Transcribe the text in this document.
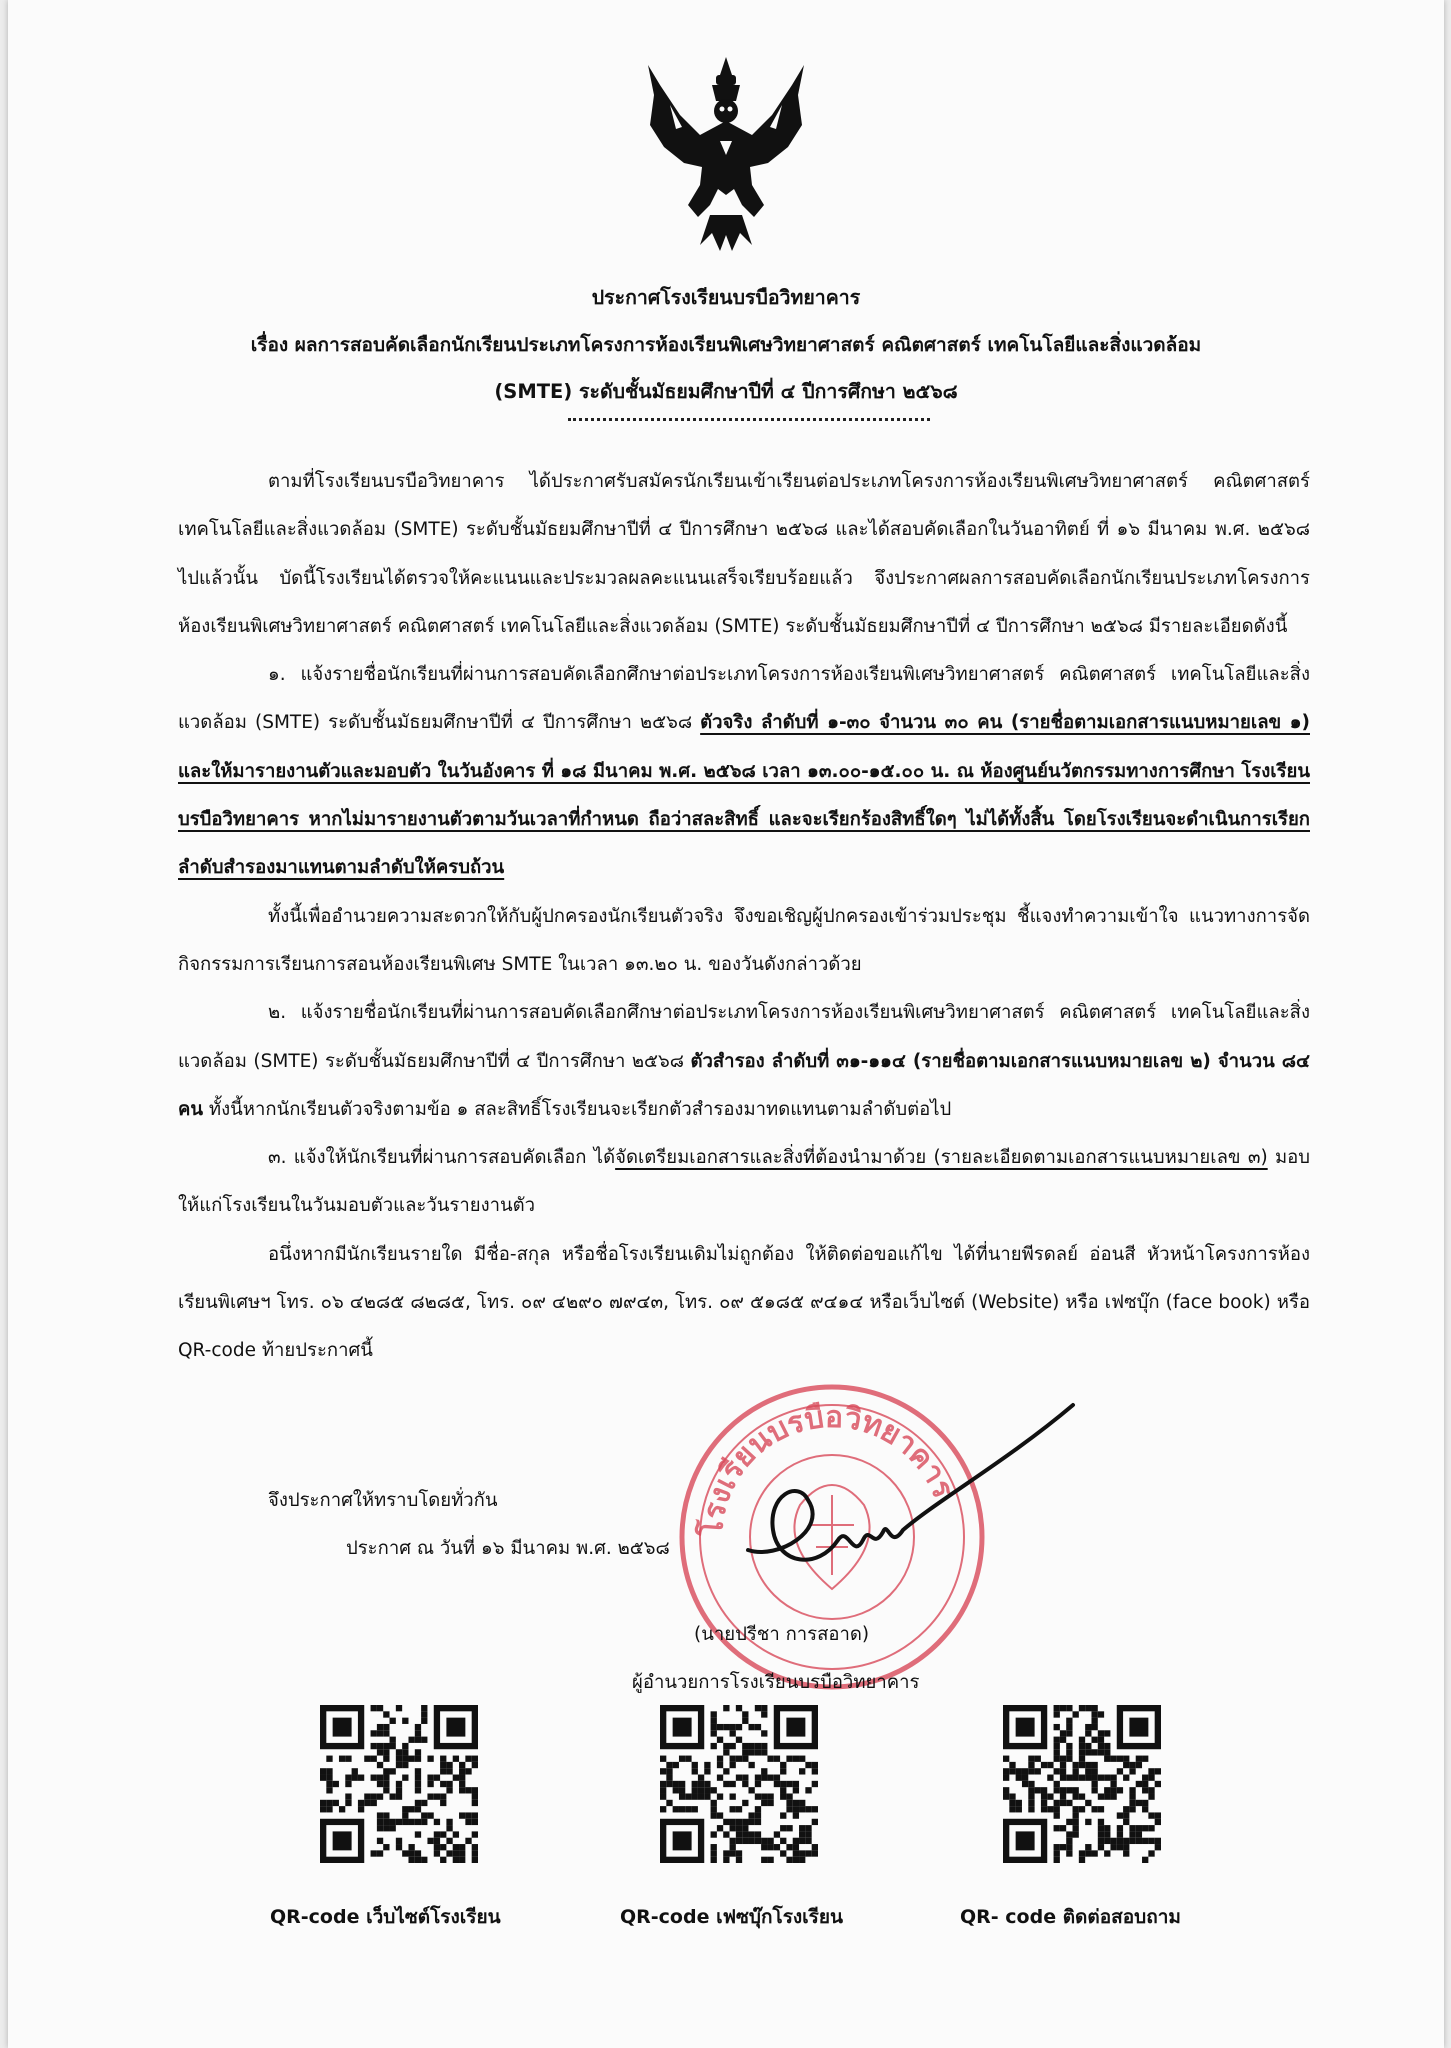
ประกาศโรงเรียนบรบือวิทยาคาร
เรื่อง ผลการสอบคัดเลือกนักเรียนประเภทโครงการห้องเรียนพิเศษวิทยาศาสตร์ คณิตศาสตร์ เทคโนโลยีและสิ่งแวดล้อม
(SMTE) ระดับชั้นมัธยมศึกษาปีที่ ๔ ปีการศึกษา ๒๕๖๘

ตามที่โรงเรียนบรบือวิทยาคาร ได้ประกาศรับสมัครนักเรียนเข้าเรียนต่อประเภทโครงการห้องเรียนพิเศษวิทยาศาสตร์ คณิตศาสตร์ เทคโนโลยีและสิ่งแวดล้อม (SMTE) ระดับชั้นมัธยมศึกษาปีที่ ๔ ปีการศึกษา ๒๕๖๘ และได้สอบคัดเลือกในวันอาทิตย์ ที่ ๑๖ มีนาคม พ.ศ. ๒๕๖๘ ไปแล้วนั้น บัดนี้โรงเรียนได้ตรวจให้คะแนนและประมวลผลคะแนนเสร็จเรียบร้อยแล้ว จึงประกาศผลการสอบคัดเลือกนักเรียนประเภทโครงการห้องเรียนพิเศษวิทยาศาสตร์ คณิตศาสตร์ เทคโนโลยีและสิ่งแวดล้อม (SMTE) ระดับชั้นมัธยมศึกษาปีที่ ๔ ปีการศึกษา ๒๕๖๘ มีรายละเอียดดังนี้

๑. แจ้งรายชื่อนักเรียนที่ผ่านการสอบคัดเลือกศึกษาต่อประเภทโครงการห้องเรียนพิเศษวิทยาศาสตร์ คณิตศาสตร์ เทคโนโลยีและสิ่งแวดล้อม (SMTE) ระดับชั้นมัธยมศึกษาปีที่ ๔ ปีการศึกษา ๒๕๖๘ ตัวจริง ลำดับที่ ๑-๓๐ จำนวน ๓๐ คน (รายชื่อตามเอกสารแนบหมายเลข ๑) และให้มารายงานตัวและมอบตัว ในวันอังคาร ที่ ๑๘ มีนาคม พ.ศ. ๒๕๖๘ เวลา ๑๓.๐๐-๑๕.๐๐ น. ณ ห้องศูนย์นวัตกรรมทางการศึกษา โรงเรียนบรบือวิทยาคาร หากไม่มารายงานตัวตามวันเวลาที่กำหนด ถือว่าสละสิทธิ์ และจะเรียกร้องสิทธิ์ใดๆ ไม่ได้ทั้งสิ้น โดยโรงเรียนจะดำเนินการเรียกลำดับสำรองมาแทนตามลำดับให้ครบถ้วน

ทั้งนี้เพื่ออำนวยความสะดวกให้กับผู้ปกครองนักเรียนตัวจริง จึงขอเชิญผู้ปกครองเข้าร่วมประชุม ชี้แจงทำความเข้าใจ แนวทางการจัดกิจกรรมการเรียนการสอนห้องเรียนพิเศษ SMTE ในเวลา ๑๓.๒๐ น. ของวันดังกล่าวด้วย

๒. แจ้งรายชื่อนักเรียนที่ผ่านการสอบคัดเลือกศึกษาต่อประเภทโครงการห้องเรียนพิเศษวิทยาศาสตร์ คณิตศาสตร์ เทคโนโลยีและสิ่งแวดล้อม (SMTE) ระดับชั้นมัธยมศึกษาปีที่ ๔ ปีการศึกษา ๒๕๖๘ ตัวสำรอง ลำดับที่ ๓๑-๑๑๔ (รายชื่อตามเอกสารแนบหมายเลข ๒) จำนวน ๘๔ คน ทั้งนี้หากนักเรียนตัวจริงตามข้อ ๑ สละสิทธิ์โรงเรียนจะเรียกตัวสำรองมาทดแทนตามลำดับต่อไป

๓. แจ้งให้นักเรียนที่ผ่านการสอบคัดเลือก ได้จัดเตรียมเอกสารและสิ่งที่ต้องนำมาด้วย (รายละเอียดตามเอกสารแนบหมายเลข ๓) มอบให้แก่โรงเรียนในวันมอบตัวและวันรายงานตัว

อนึ่งหากมีนักเรียนรายใด มีชื่อ-สกุล หรือชื่อโรงเรียนเดิมไม่ถูกต้อง ให้ติดต่อขอแก้ไข ได้ที่นายพีรดลย์ อ่อนสี หัวหน้าโครงการห้องเรียนพิเศษฯ โทร. ๐๖ ๔๒๘๕ ๘๒๘๕, โทร. ๐๙ ๔๒๙๐ ๗๙๔๓, โทร. ๐๙ ๕๑๘๕ ๙๔๑๔ หรือเว็บไซต์ (Website) หรือ เฟซบุ๊ก (face book) หรือ QR-code ท้ายประกาศนี้

จึงประกาศให้ทราบโดยทั่วกัน
ประกาศ ณ วันที่ ๑๖ มีนาคม พ.ศ. ๒๕๖๘
โรงเรียนบรบือวิทยาคาร
(นายปรีชา การสอาด)
ผู้อำนวยการโรงเรียนบรบือวิทยาคาร
QR-code เว็บไซต์โรงเรียน	QR-code เฟซบุ๊กโรงเรียน	QR- code ติดต่อสอบถาม
